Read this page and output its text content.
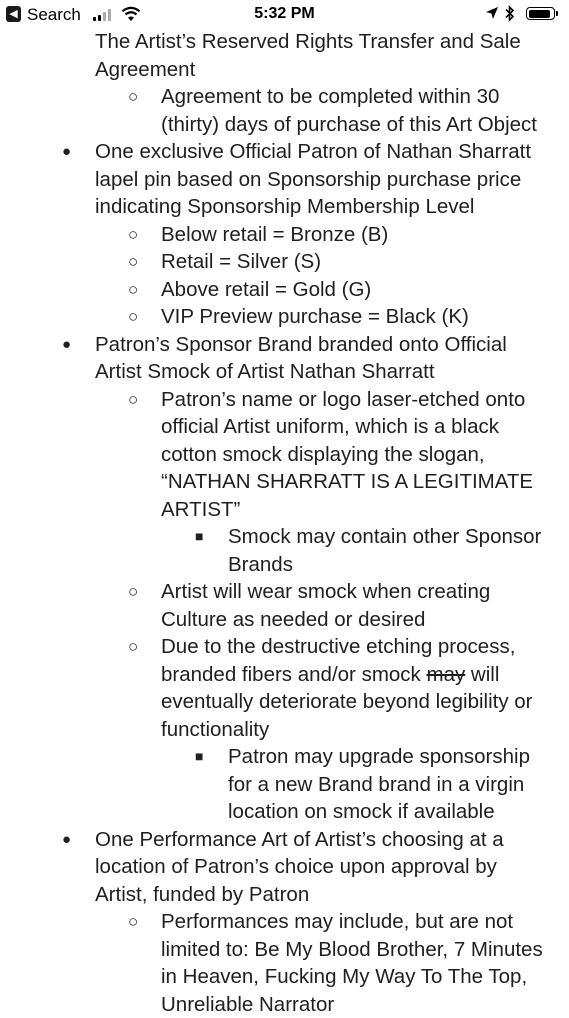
◀ Search	5:32 PM
The Artist’s Reserved Rights Transfer and Sale
Agreement
○ Agreement to be completed within 30
(thirty) days of purchase of this Art Object
● One exclusive Official Patron of Nathan Sharratt
lapel pin based on Sponsorship purchase price
indicating Sponsorship Membership Level
○ Below retail = Bronze (B)
○ Retail = Silver (S)
○ Above retail = Gold (G)
○ VIP Preview purchase = Black (K)
● Patron’s Sponsor Brand branded onto Official
Artist Smock of Artist Nathan Sharratt
○ Patron’s name or logo laser-etched onto
official Artist uniform, which is a black
cotton smock displaying the slogan,
“NATHAN SHARRATT IS A LEGITIMATE
ARTIST”
■ Smock may contain other Sponsor
Brands
○ Artist will wear smock when creating
Culture as needed or desired
○ Due to the destructive etching process,
branded fibers and/or smock may will
eventually deteriorate beyond legibility or
functionality
■ Patron may upgrade sponsorship
for a new Brand brand in a virgin
location on smock if available
● One Performance Art of Artist’s choosing at a
location of Patron’s choice upon approval by
Artist, funded by Patron
○ Performances may include, but are not
limited to: Be My Blood Brother, 7 Minutes
in Heaven, Fucking My Way To The Top,
Unreliable Narrator
